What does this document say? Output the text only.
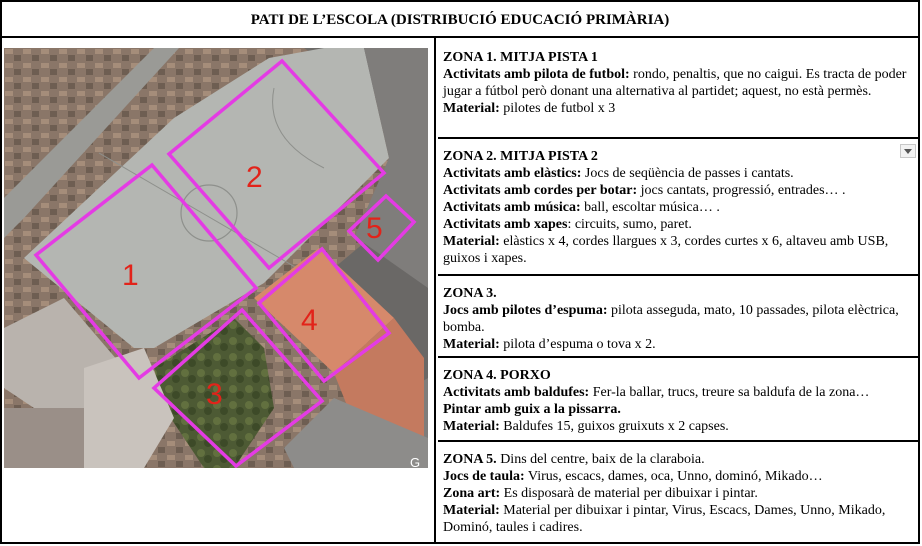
PATI DE L’ESCOLA (DISTRIBUCIÓ EDUCACIÓ PRIMÀRIA)
1
2
3
4
5
G
ZONA 1. MITJA PISTA 1
Activitats amb pilota de futbol: rondo, penaltis, que no caigui. Es tracta de poder jugar a fútbol però donant una alternativa al partidet; aquest, no està permès.
Material: pilotes de futbol x 3
ZONA 2. MITJA PISTA 2
Activitats amb elàstics: Jocs de seqüència de passes i cantats.
Activitats amb cordes per botar: jocs cantats, progressió, entrades… .
Activitats amb música: ball, escoltar música… .
Activitats amb xapes: circuits, sumo, paret.
Material: elàstics x 4, cordes llargues x 3, cordes curtes x 6, altaveu amb USB, guixos i xapes.
ZONA 3.
Jocs amb pilotes d’espuma: pilota asseguda, mato, 10 passades, pilota elèctrica, bomba.
Material: pilota d’espuma o tova x 2.
ZONA 4. PORXO
Activitats amb baldufes: Fer-la ballar, trucs, treure sa baldufa de la zona…
Pintar amb guix a la pissarra.
Material: Baldufes 15, guixos gruixuts x 2 capses.
ZONA 5. Dins del centre, baix de la claraboia.
Jocs de taula: Virus, escacs, dames, oca, Unno, dominó, Mikado…
Zona art: Es disposarà de material per dibuixar i pintar.
Material: Material per dibuixar i pintar, Virus, Escacs, Dames, Unno, Mikado, Dominó, taules i cadires.
